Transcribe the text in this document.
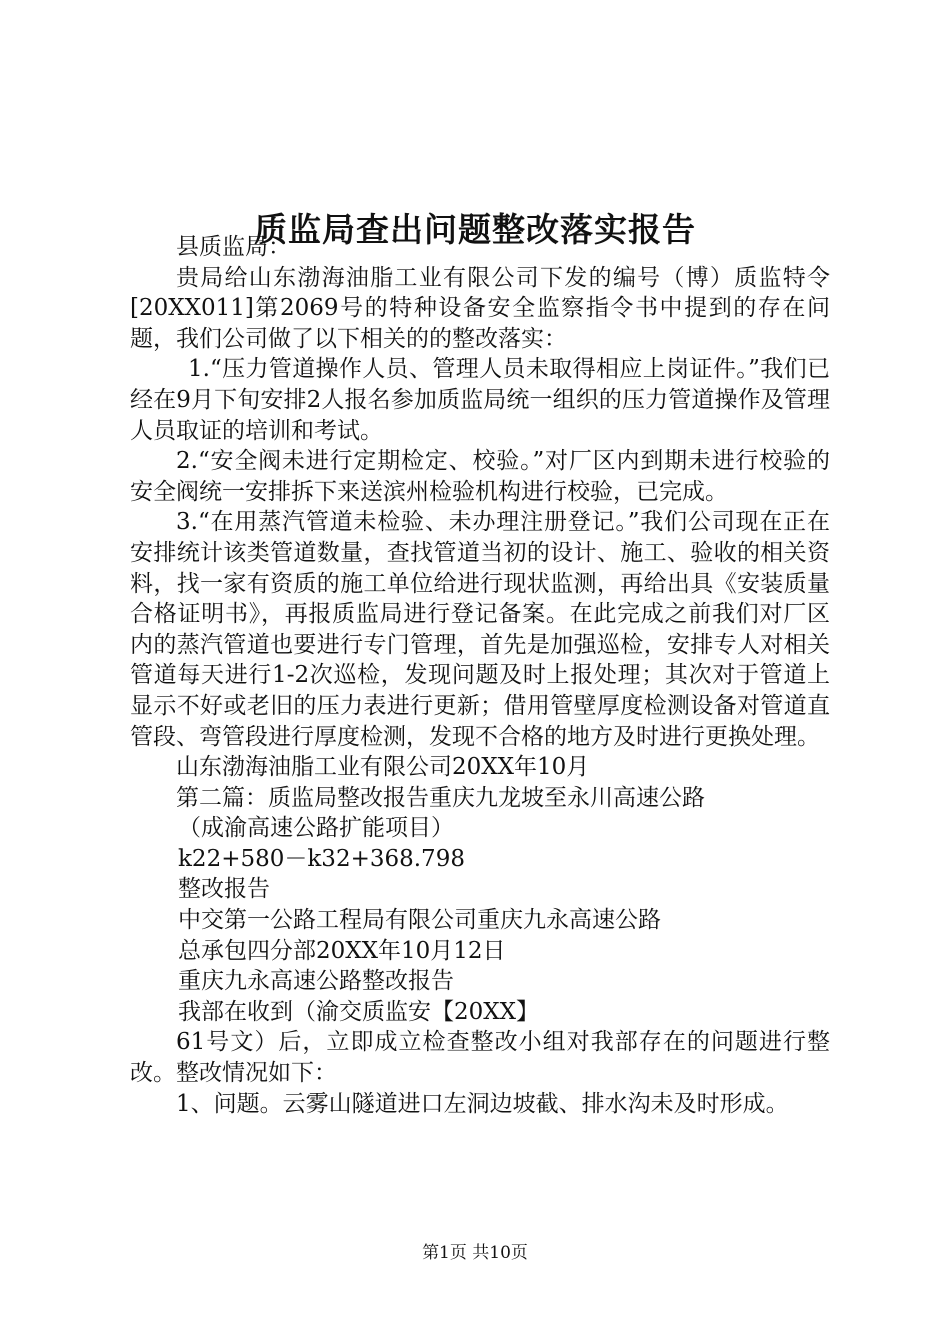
质监局查出问题整改落实报告

县质监局：

贵局给山东渤海油脂工业有限公司下发的编号（博）质监特令[20XX011]第2069号的特种设备安全监察指令书中提到的存在问题，我们公司做了以下相关的的整改落实：

1.“压力管道操作人员、管理人员未取得相应上岗证件。”我们已经在9月下旬安排2人报名参加质监局统一组织的压力管道操作及管理人员取证的培训和考试。

2.“安全阀未进行定期检定、校验。”对厂区内到期未进行校验的安全阀统一安排拆下来送滨州检验机构进行校验，已完成。

3.“在用蒸汽管道未检验、未办理注册登记。”我们公司现在正在安排统计该类管道数量，查找管道当初的设计、施工、验收的相关资料，找一家有资质的施工单位给进行现状监测，再给出具《安装质量合格证明书》，再报质监局进行登记备案。在此完成之前我们对厂区内的蒸汽管道也要进行专门管理，首先是加强巡检，安排专人对相关管道每天进行1-2次巡检，发现问题及时上报处理；其次对于管道上显示不好或老旧的压力表进行更新；借用管壁厚度检测设备对管道直管段、弯管段进行厚度检测，发现不合格的地方及时进行更换处理。

山东渤海油脂工业有限公司20XX年10月

第二篇：质监局整改报告重庆九龙坡至永川高速公路

（成渝高速公路扩能项目）

k22+580－k32+368.798

整改报告

中交第一公路工程局有限公司重庆九永高速公路

总承包四分部20XX年10月12日

重庆九永高速公路整改报告

我部在收到（渝交质监安【20XX】

61号文）后，立即成立检查整改小组对我部存在的问题进行整改。整改情况如下：

1、问题。云雾山隧道进口左洞边坡截、排水沟未及时形成。

第1页 共10页
